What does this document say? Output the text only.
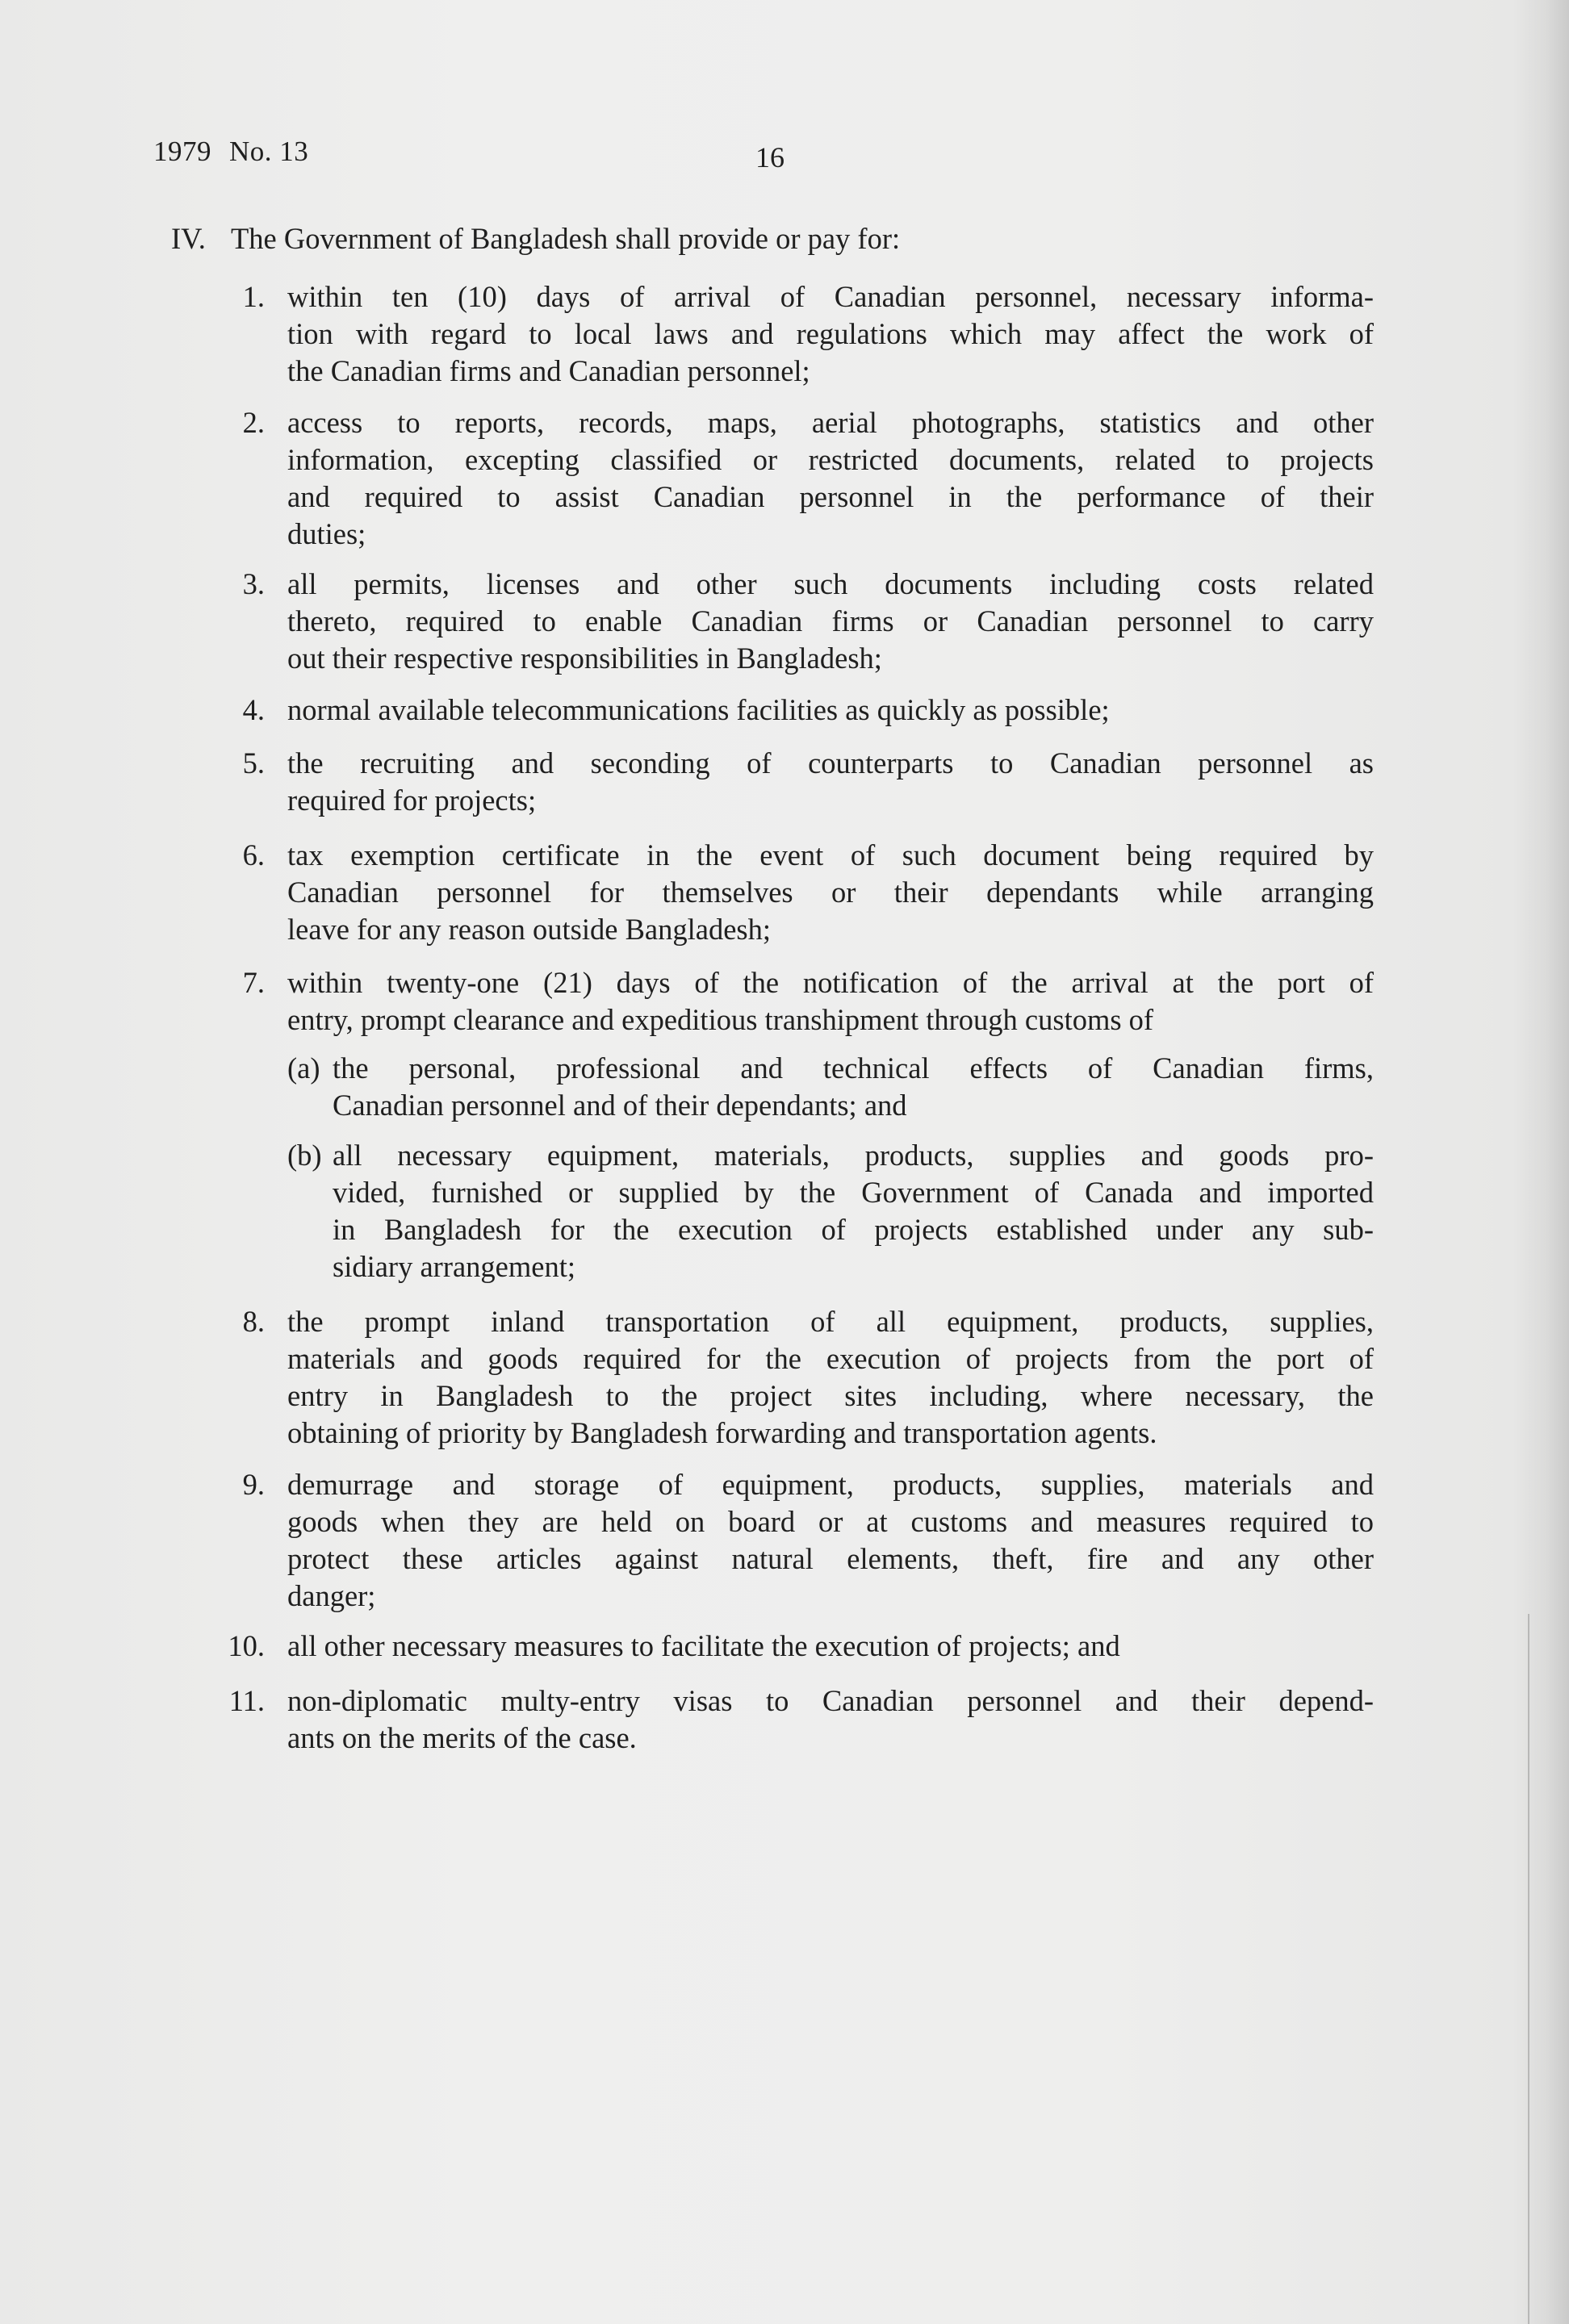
1979 No. 13	16
IV. The Government of Bangladesh shall provide or pay for:
1. within ten (10) days of arrival of Canadian personnel, necessary informa-
tion with regard to local laws and regulations which may affect the work of
the Canadian firms and Canadian personnel;
2. access to reports, records, maps, aerial photographs, statistics and other
information, excepting classified or restricted documents, related to projects
and required to assist Canadian personnel in the performance of their
duties;
3. all permits, licenses and other such documents including costs related
thereto, required to enable Canadian firms or Canadian personnel to carry
out their respective responsibilities in Bangladesh;
4. normal available telecommunications facilities as quickly as possible;
5. the recruiting and seconding of counterparts to Canadian personnel as
required for projects;
6. tax exemption certificate in the event of such document being required by
Canadian personnel for themselves or their dependants while arranging
leave for any reason outside Bangladesh;
7. within twenty-one (21) days of the notification of the arrival at the port of
entry, prompt clearance and expeditious transhipment through customs of
(a) the personal, professional and technical effects of Canadian firms,
Canadian personnel and of their dependants; and
(b) all necessary equipment, materials, products, supplies and goods pro-
vided, furnished or supplied by the Government of Canada and imported
in Bangladesh for the execution of projects established under any sub-
sidiary arrangement;
8. the prompt inland transportation of all equipment, products, supplies,
materials and goods required for the execution of projects from the port of
entry in Bangladesh to the project sites including, where necessary, the
obtaining of priority by Bangladesh forwarding and transportation agents.
9. demurrage and storage of equipment, products, supplies, materials and
goods when they are held on board or at customs and measures required to
protect these articles against natural elements, theft, fire and any other
danger;
10. all other necessary measures to facilitate the execution of projects; and
11. non-diplomatic multy-entry visas to Canadian personnel and their depend-
ants on the merits of the case.
